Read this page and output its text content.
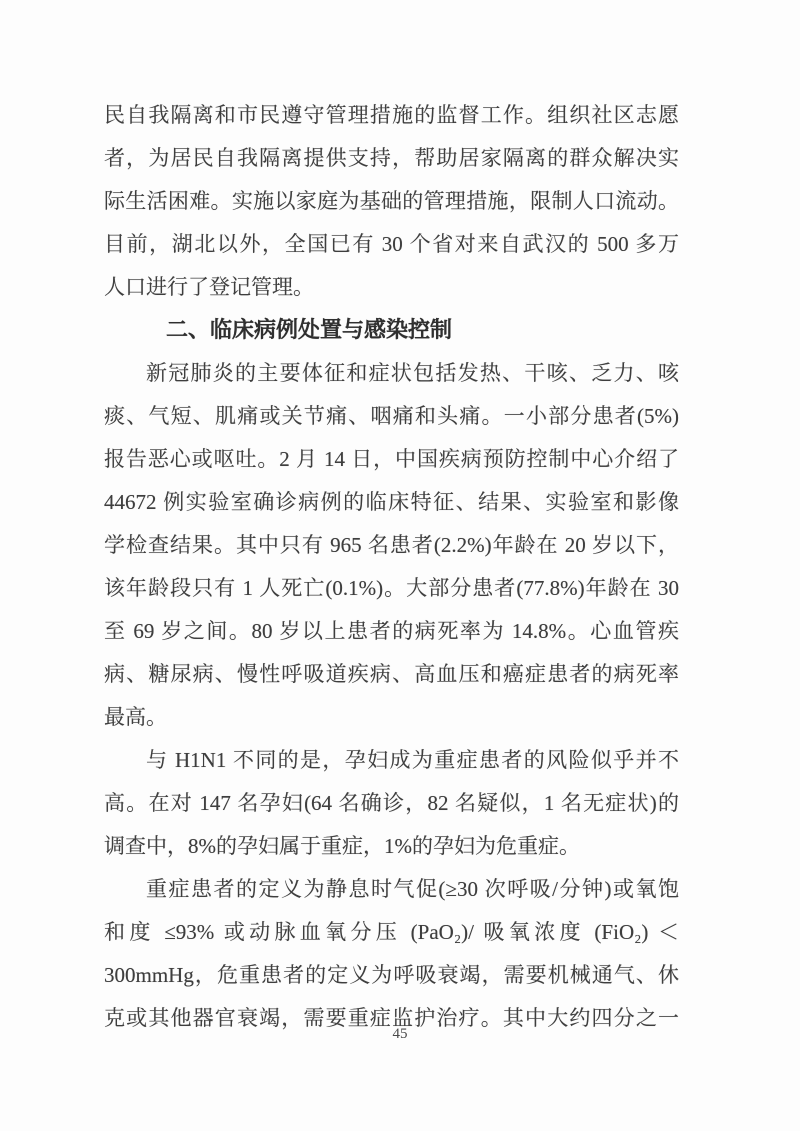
民自我隔离和市民遵守管理措施的监督工作。组织社区志愿
者，为居民自我隔离提供支持，帮助居家隔离的群众解决实
际生活困难。实施以家庭为基础的管理措施，限制人口流动。
目前，湖北以外，全国已有 30 个省对来自武汉的 500 多万
人口进行了登记管理。
二、临床病例处置与感染控制
新冠肺炎的主要体征和症状包括发热、干咳、乏力、咳
痰、气短、肌痛或关节痛、咽痛和头痛。一小部分患者(5%)
报告恶心或呕吐。2 月 14 日，中国疾病预防控制中心介绍了
44672 例实验室确诊病例的临床特征、结果、实验室和影像
学检查结果。其中只有 965 名患者(2.2%)年龄在 20 岁以下，
该年龄段只有 1 人死亡(0.1%)。大部分患者(77.8%)年龄在 30
至 69 岁之间。80 岁以上患者的病死率为 14.8%。心血管疾
病、糖尿病、慢性呼吸道疾病、高血压和癌症患者的病死率
最高。
与 H1N1 不同的是，孕妇成为重症患者的风险似乎并不
高。在对 147 名孕妇(64 名确诊，82 名疑似，1 名无症状)的
调查中，8%的孕妇属于重症，1%的孕妇为危重症。
重症患者的定义为静息时气促(≥30 次呼吸/分钟)或氧饱
和度 ≤93% 或动脉血氧分压 (PaO₂)/ 吸氧浓度 (FiO₂) ＜
300mmHg，危重患者的定义为呼吸衰竭，需要机械通气、休
克或其他器官衰竭，需要重症监护治疗。其中大约四分之一
45
